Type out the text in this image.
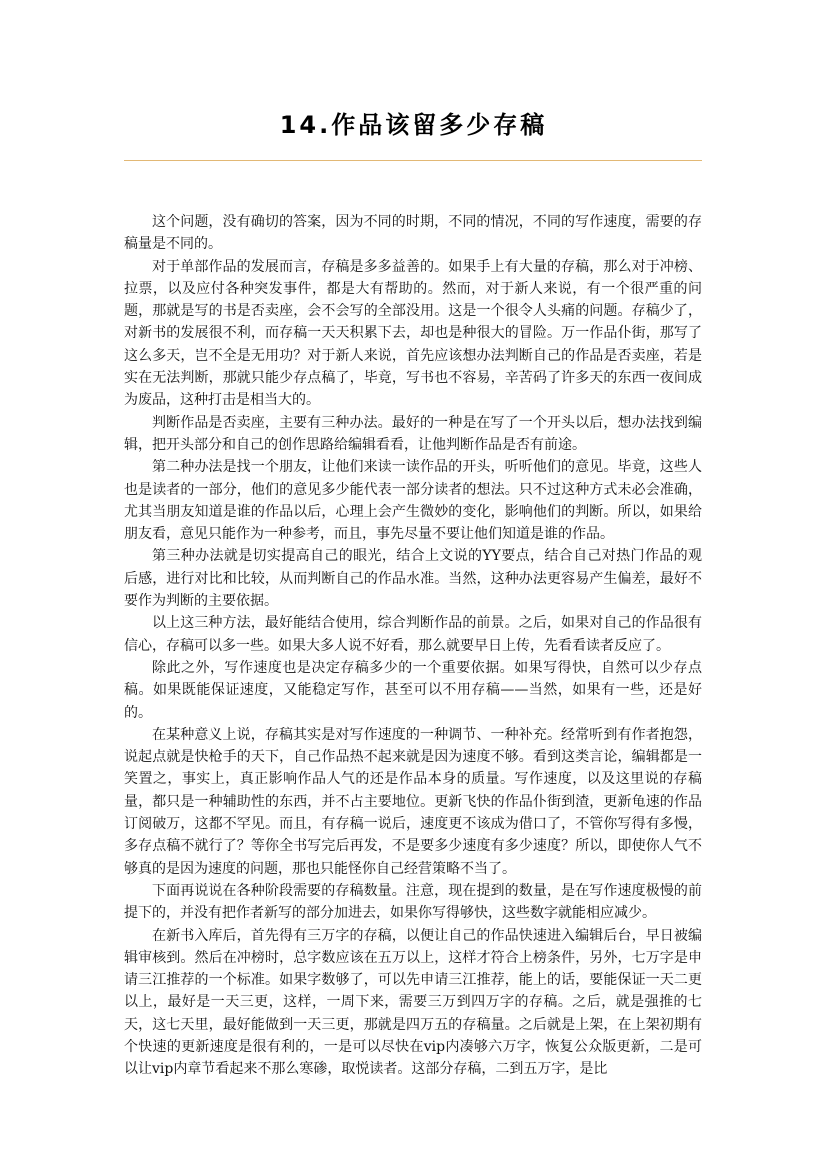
14.作品该留多少存稿

这个问题，没有确切的答案，因为不同的时期，不同的情况，不同的写作速度，需要的存稿量是不同的。

对于单部作品的发展而言，存稿是多多益善的。如果手上有大量的存稿，那么对于冲榜、拉票，以及应付各种突发事件，都是大有帮助的。然而，对于新人来说，有一个很严重的问题，那就是写的书是否卖座，会不会写的全部没用。这是一个很令人头痛的问题。存稿少了，对新书的发展很不利，而存稿一天天积累下去，却也是种很大的冒险。万一作品仆街，那写了这么多天，岂不全是无用功？对于新人来说，首先应该想办法判断自己的作品是否卖座，若是实在无法判断，那就只能少存点稿了，毕竟，写书也不容易，辛苦码了许多天的东西一夜间成为废品，这种打击是相当大的。

判断作品是否卖座，主要有三种办法。最好的一种是在写了一个开头以后，想办法找到编辑，把开头部分和自己的创作思路给编辑看看，让他判断作品是否有前途。

第二种办法是找一个朋友，让他们来读一读作品的开头，听听他们的意见。毕竟，这些人也是读者的一部分，他们的意见多少能代表一部分读者的想法。只不过这种方式未必会准确，尤其当朋友知道是谁的作品以后，心理上会产生微妙的变化，影响他们的判断。所以，如果给朋友看，意见只能作为一种参考，而且，事先尽量不要让他们知道是谁的作品。

第三种办法就是切实提高自己的眼光，结合上文说的YY要点，结合自己对热门作品的观后感，进行对比和比较，从而判断自己的作品水准。当然，这种办法更容易产生偏差，最好不要作为判断的主要依据。

以上这三种方法，最好能结合使用，综合判断作品的前景。之后，如果对自己的作品很有信心，存稿可以多一些。如果大多人说不好看，那么就要早日上传，先看看读者反应了。

除此之外，写作速度也是决定存稿多少的一个重要依据。如果写得快，自然可以少存点稿。如果既能保证速度，又能稳定写作，甚至可以不用存稿——当然，如果有一些，还是好的。

在某种意义上说，存稿其实是对写作速度的一种调节、一种补充。经常听到有作者抱怨，说起点就是快枪手的天下，自己作品热不起来就是因为速度不够。看到这类言论，编辑都是一笑置之，事实上，真正影响作品人气的还是作品本身的质量。写作速度，以及这里说的存稿量，都只是一种辅助性的东西，并不占主要地位。更新飞快的作品仆街到渣，更新龟速的作品订阅破万，这都不罕见。而且，有存稿一说后，速度更不该成为借口了，不管你写得有多慢，多存点稿不就行了？等你全书写完后再发，不是要多少速度有多少速度？所以，即使你人气不够真的是因为速度的问题，那也只能怪你自己经营策略不当了。

下面再说说在各种阶段需要的存稿数量。注意，现在提到的数量，是在写作速度极慢的前提下的，并没有把作者新写的部分加进去，如果你写得够快，这些数字就能相应减少。

在新书入库后，首先得有三万字的存稿，以便让自己的作品快速进入编辑后台，早日被编辑审核到。然后在冲榜时，总字数应该在五万以上，这样才符合上榜条件，另外，七万字是申请三江推荐的一个标准。如果字数够了，可以先申请三江推荐，能上的话，要能保证一天二更以上，最好是一天三更，这样，一周下来，需要三万到四万字的存稿。之后，就是强推的七天，这七天里，最好能做到一天三更，那就是四万五的存稿量。之后就是上架，在上架初期有个快速的更新速度是很有利的，一是可以尽快在vip内凑够六万字，恢复公众版更新，二是可以让vip内章节看起来不那么寒碜，取悦读者。这部分存稿，二到五万字，是比
